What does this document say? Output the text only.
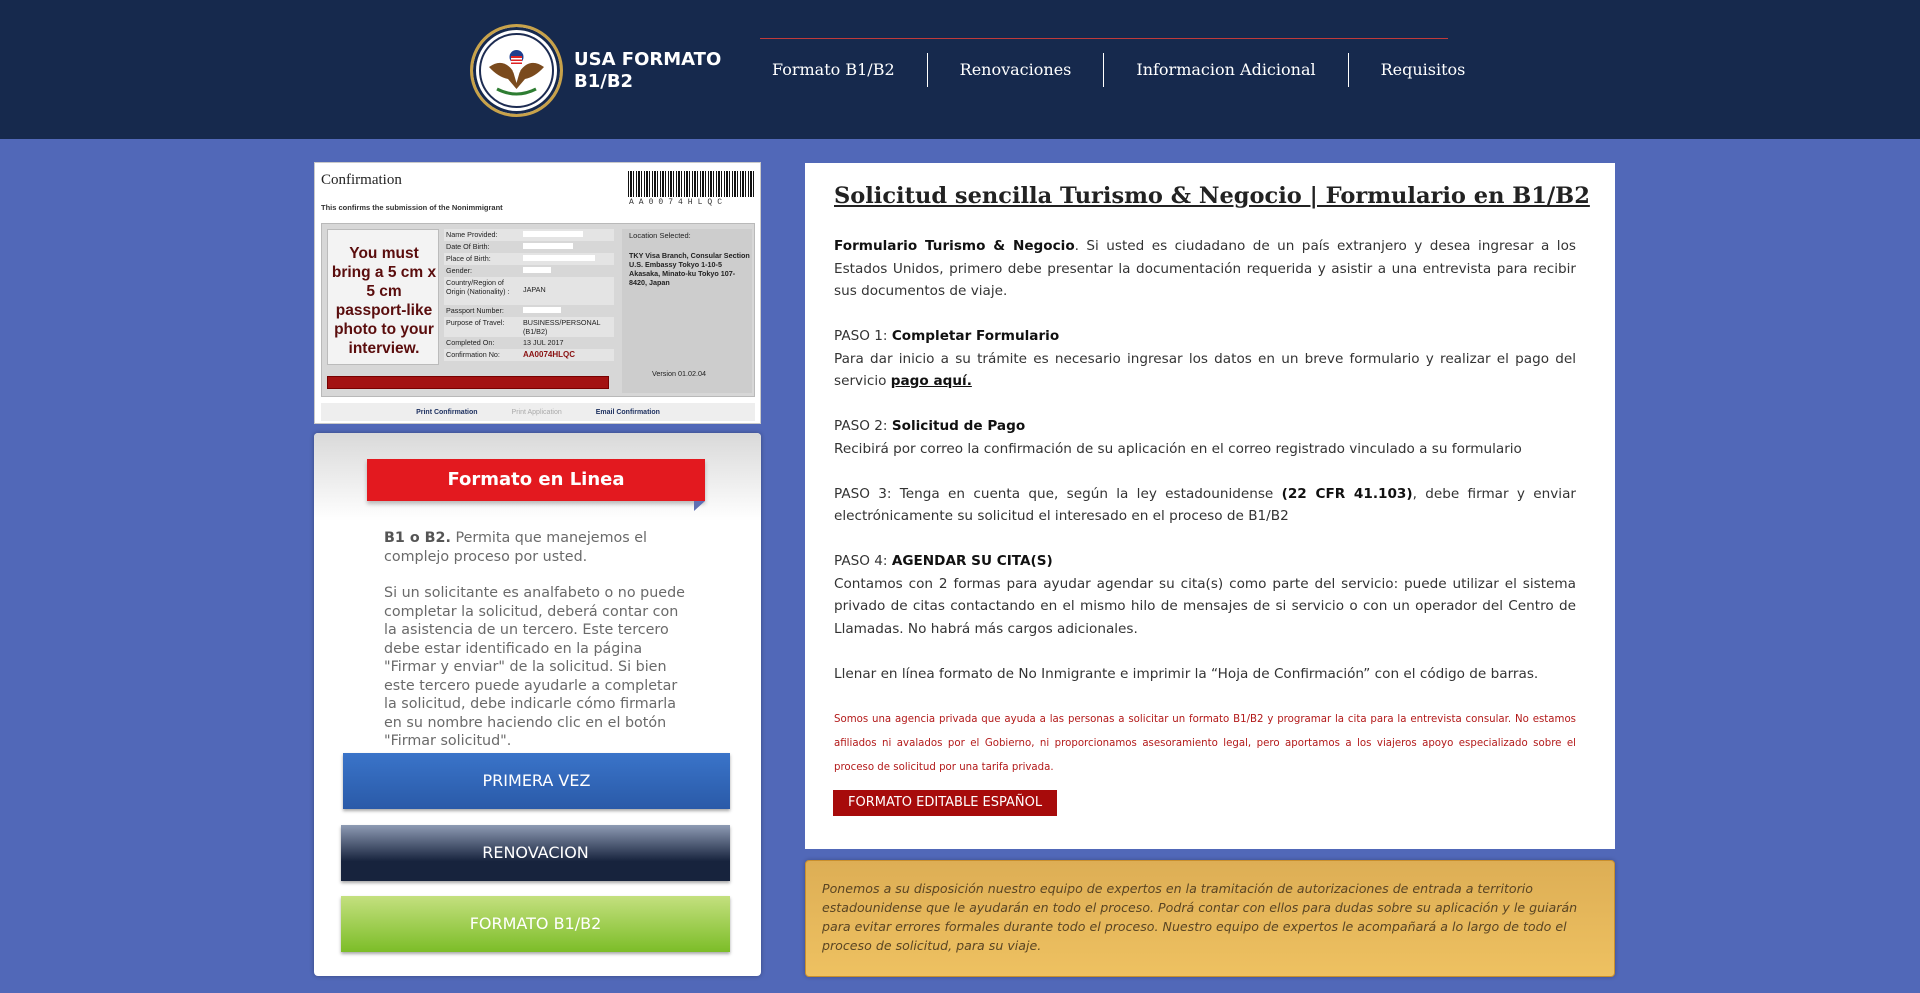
USA FORMATO
B1/B2
Formato B1/B2	Renovaciones	Informacion Adicional	Requisitos
Confirmation
This confirms the submission of the Nonimmigrant
AA0074HLQC
You must bring a 5 cm x 5 cm passport-like photo to your interview.
Name Provided:
Date Of Birth:
Place of Birth:
Gender:
Country/Region of Origin (Nationality) :	JAPAN
Passport Number:
Purpose of Travel:	BUSINESS/PERSONAL (B1/B2)
Completed On:	13 JUL 2017
Confirmation No:	AA0074HLQC
Location Selected:
TKY Visa Branch, Consular Section U.S. Embassy Tokyo 1-10-5 Akasaka, Minato-ku Tokyo 107-8420, Japan
Version 01.02.04
Print Confirmation	Print Application	Email Confirmation
Formato en Linea

B1 o B2. Permita que manejemos el complejo proceso por usted.

Si un solicitante es analfabeto o no puede completar la solicitud, deberá contar con la asistencia de un tercero. Este tercero debe estar identificado en la página "Firmar y enviar" de la solicitud. Si bien este tercero puede ayudarle a completar la solicitud, debe indicarle cómo firmarla en su nombre haciendo clic en el botón "Firmar solicitud".

PRIMERA VEZ
RENOVACION
FORMATO B1/B2
Solicitud sencilla Turismo & Negocio | Formulario en B1/B2

Formulario Turismo & Negocio. Si usted es ciudadano de un país extranjero y desea ingresar a los Estados Unidos, primero debe presentar la documentación requerida y asistir a una entrevista para recibir sus documentos de viaje.

PASO 1: Completar Formulario
Para dar inicio a su trámite es necesario ingresar los datos en un breve formulario y realizar el pago del servicio pago aquí.

PASO 2: Solicitud de Pago
Recibirá por correo la confirmación de su aplicación en el correo registrado vinculado a su formulario

PASO 3: Tenga en cuenta que, según la ley estadounidense (22 CFR 41.103), debe firmar y enviar electrónicamente su solicitud el interesado en el proceso de B1/B2

PASO 4: AGENDAR SU CITA(S)
Contamos con 2 formas para ayudar agendar su cita(s) como parte del servicio: puede utilizar el sistema privado de citas contactando en el mismo hilo de mensajes de si servicio o con un operador del Centro de Llamadas. No habrá más cargos adicionales.

Llenar en línea formato de No Inmigrante e imprimir la “Hoja de Confirmación” con el código de barras.

Somos una agencia privada que ayuda a las personas a solicitar un formato B1/B2 y programar la cita para la entrevista consular. No estamos afiliados ni avalados por el Gobierno, ni proporcionamos asesoramiento legal, pero aportamos a los viajeros apoyo especializado sobre el proceso de solicitud por una tarifa privada.
FORMATO EDITABLE ESPAÑOL
Ponemos a su disposición nuestro equipo de expertos en la tramitación de autorizaciones de entrada a territorio estadounidense que le ayudarán en todo el proceso. Podrá contar con ellos para dudas sobre su aplicación y le guiarán para evitar errores formales durante todo el proceso. Nuestro equipo de expertos le acompañará a lo largo de todo el proceso de solicitud, para su viaje.
